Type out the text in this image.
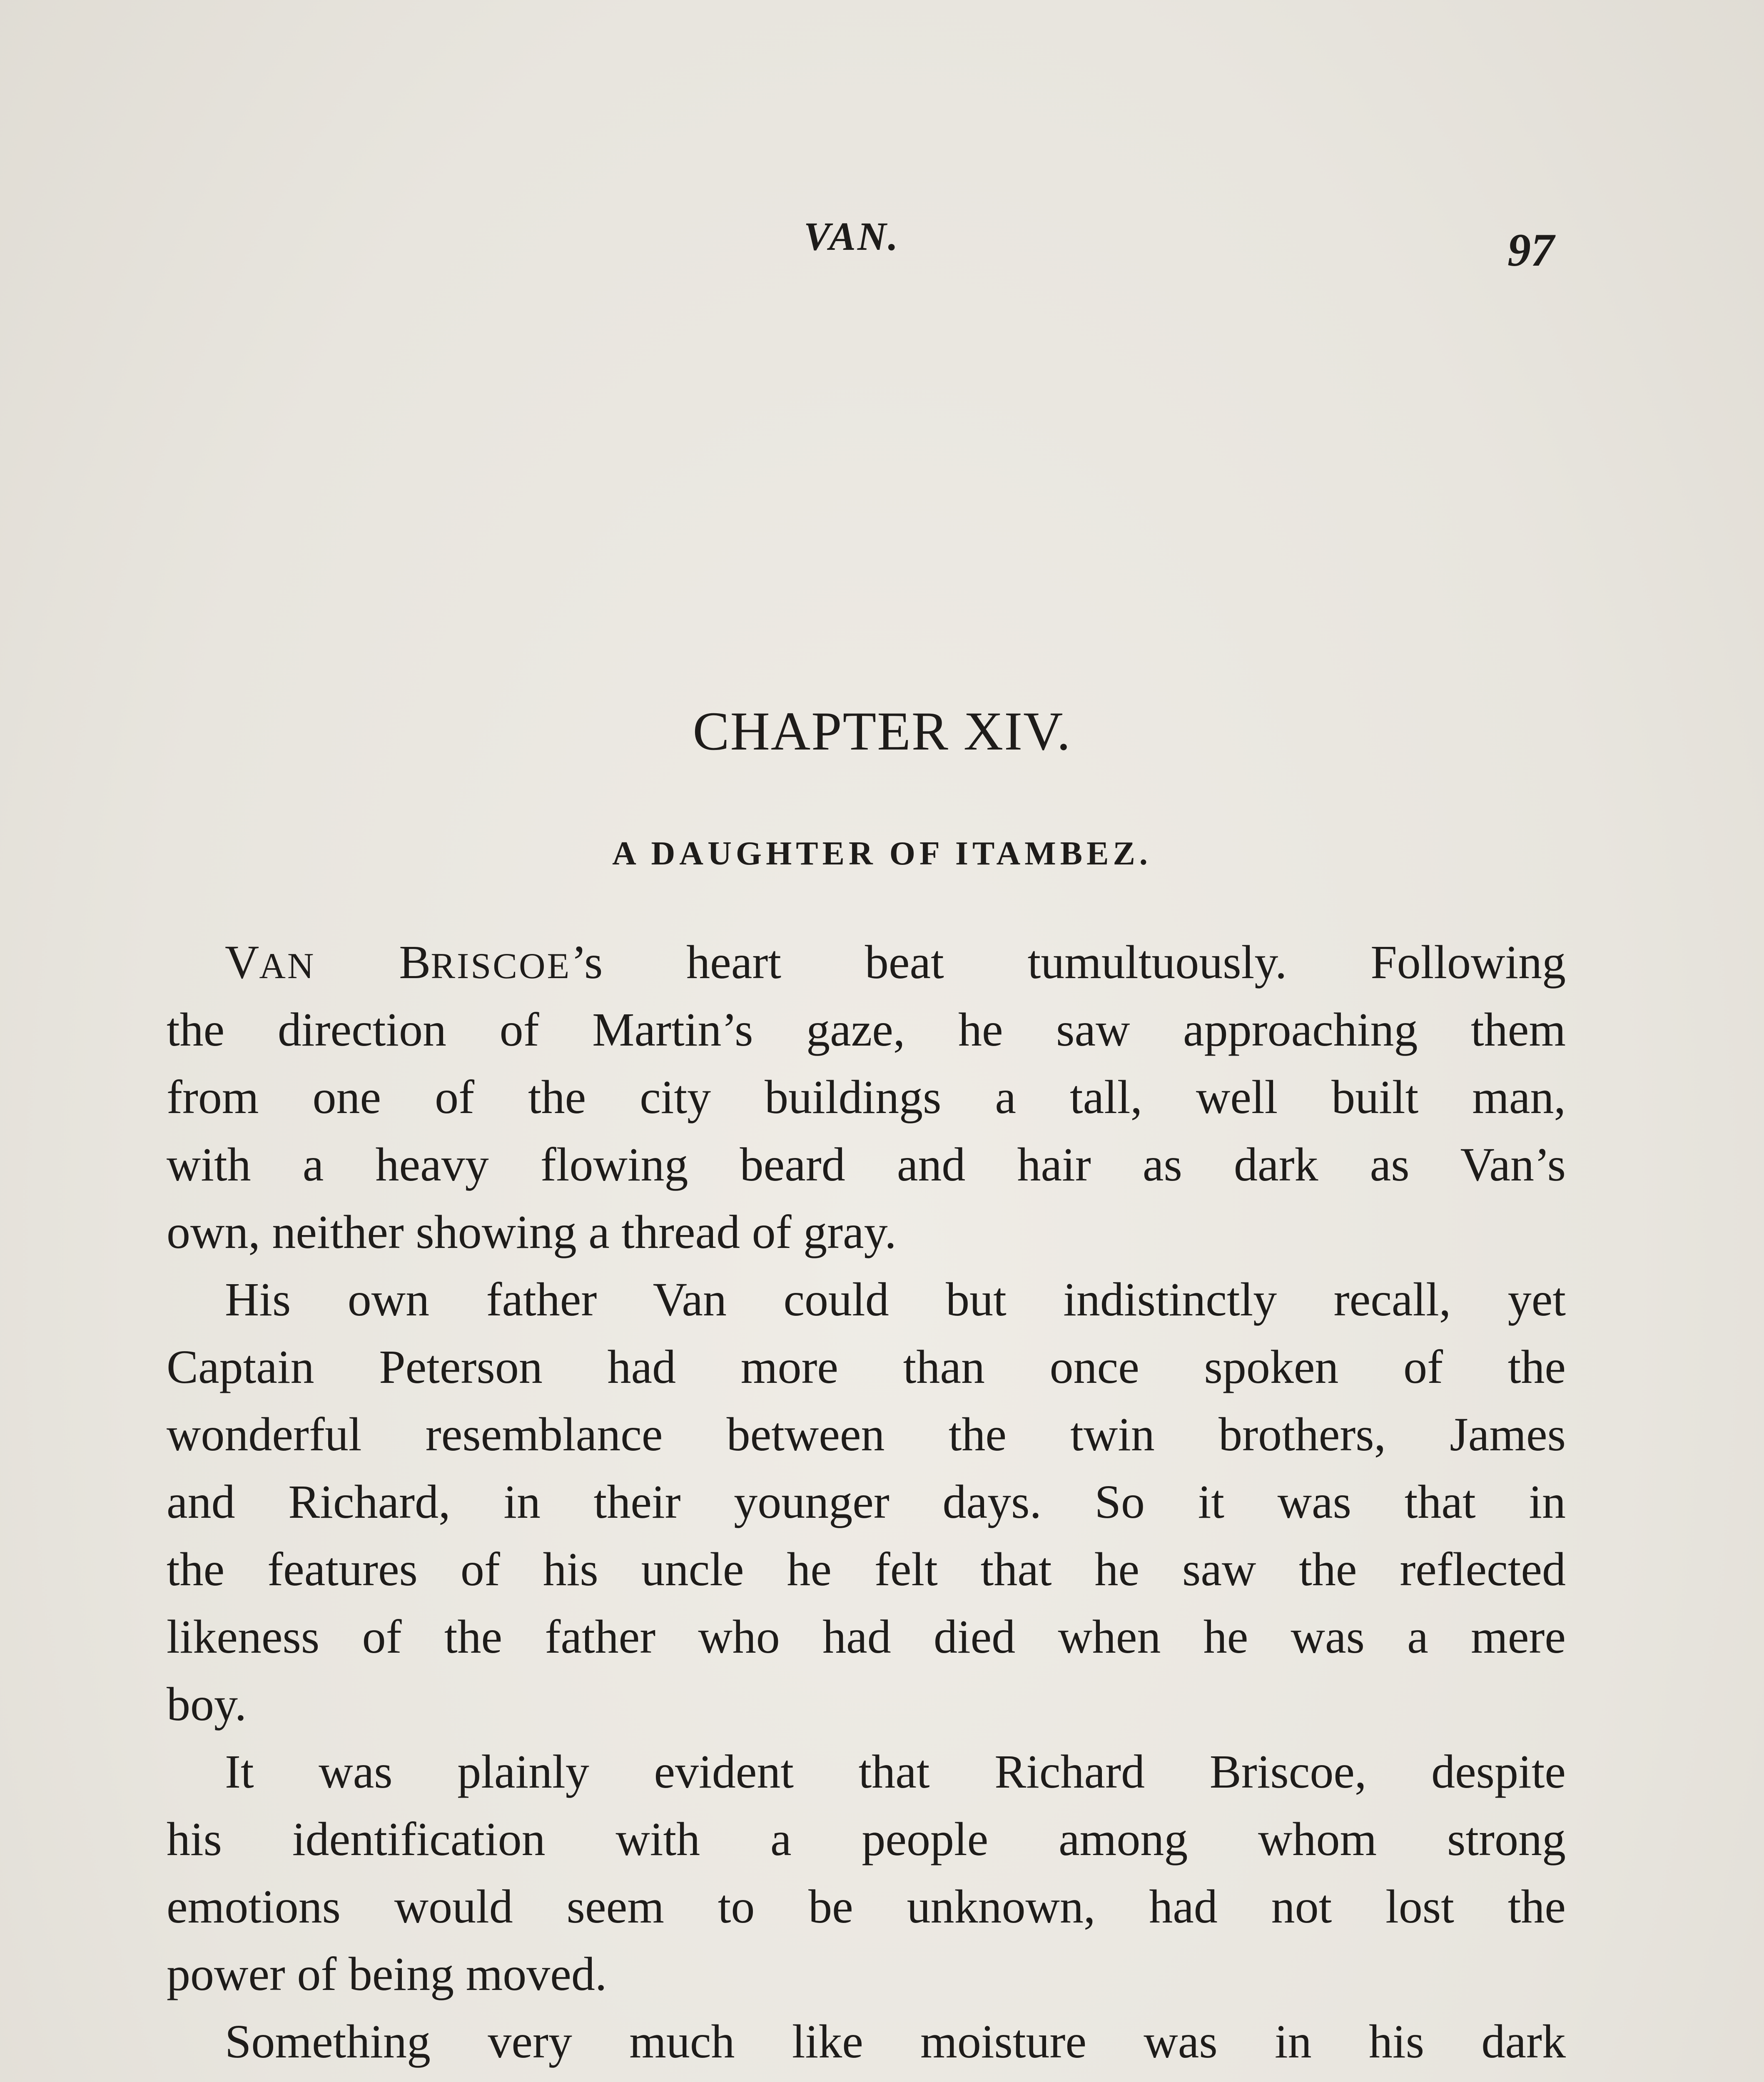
VAN.	97
CHAPTER XIV.
A DAUGHTER OF ITAMBEZ.
VAN BRISCOE’s heart beat tumultuously. Following
the direction of Martin’s gaze, he saw approaching them
from one of the city buildings a tall, well built man,
with a heavy flowing beard and hair as dark as Van’s
own, neither showing a thread of gray.
His own father Van could but indistinctly recall, yet
Captain Peterson had more than once spoken of the
wonderful resemblance between the twin brothers, James
and Richard, in their younger days. So it was that in
the features of his uncle he felt that he saw the reflected
likeness of the father who had died when he was a mere
boy.
It was plainly evident that Richard Briscoe, despite
his identification with a people among whom strong
emotions would seem to be unknown, had not lost the
power of being moved.
Something very much like moisture was in his dark
